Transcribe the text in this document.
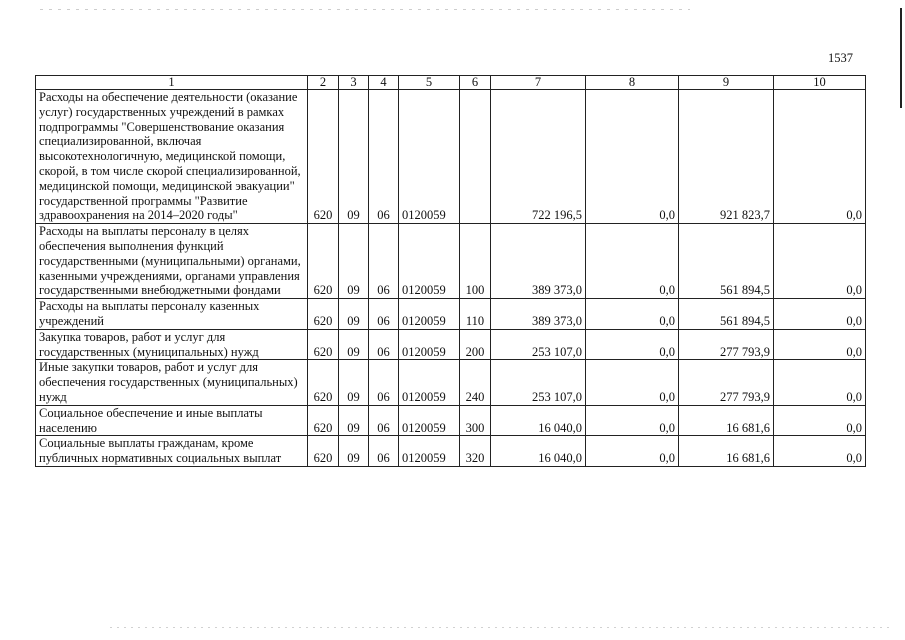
1537
1	2	3	4	5	6	7	8	9	10
Расходы на обеспечение деятельности (оказание услуг) государственных учреждений в рамках подпрограммы "Совершенствование оказания специализированной, включая высокотехнологичную, медицинской помощи, скорой, в том числе скорой специализированной, медицинской помощи, медицинской эвакуации" государственной программы "Развитие здравоохранения на 2014–2020 годы"	620	09	06	0120059		722 196,5	0,0	921 823,7	0,0
Расходы на выплаты персоналу в целях обеспечения выполнения функций государственными (муниципальными) органами, казенными учреждениями, органами управления государственными внебюджетными фондами	620	09	06	0120059	100	389 373,0	0,0	561 894,5	0,0
Расходы на выплаты персоналу казенных учреждений	620	09	06	0120059	110	389 373,0	0,0	561 894,5	0,0
Закупка товаров, работ и услуг для государственных (муниципальных) нужд	620	09	06	0120059	200	253 107,0	0,0	277 793,9	0,0
Иные закупки товаров, работ и услуг для обеспечения государственных (муниципальных) нужд	620	09	06	0120059	240	253 107,0	0,0	277 793,9	0,0
Социальное обеспечение и иные выплаты населению	620	09	06	0120059	300	16 040,0	0,0	16 681,6	0,0
Социальные выплаты гражданам, кроме публичных нормативных социальных выплат	620	09	06	0120059	320	16 040,0	0,0	16 681,6	0,0
